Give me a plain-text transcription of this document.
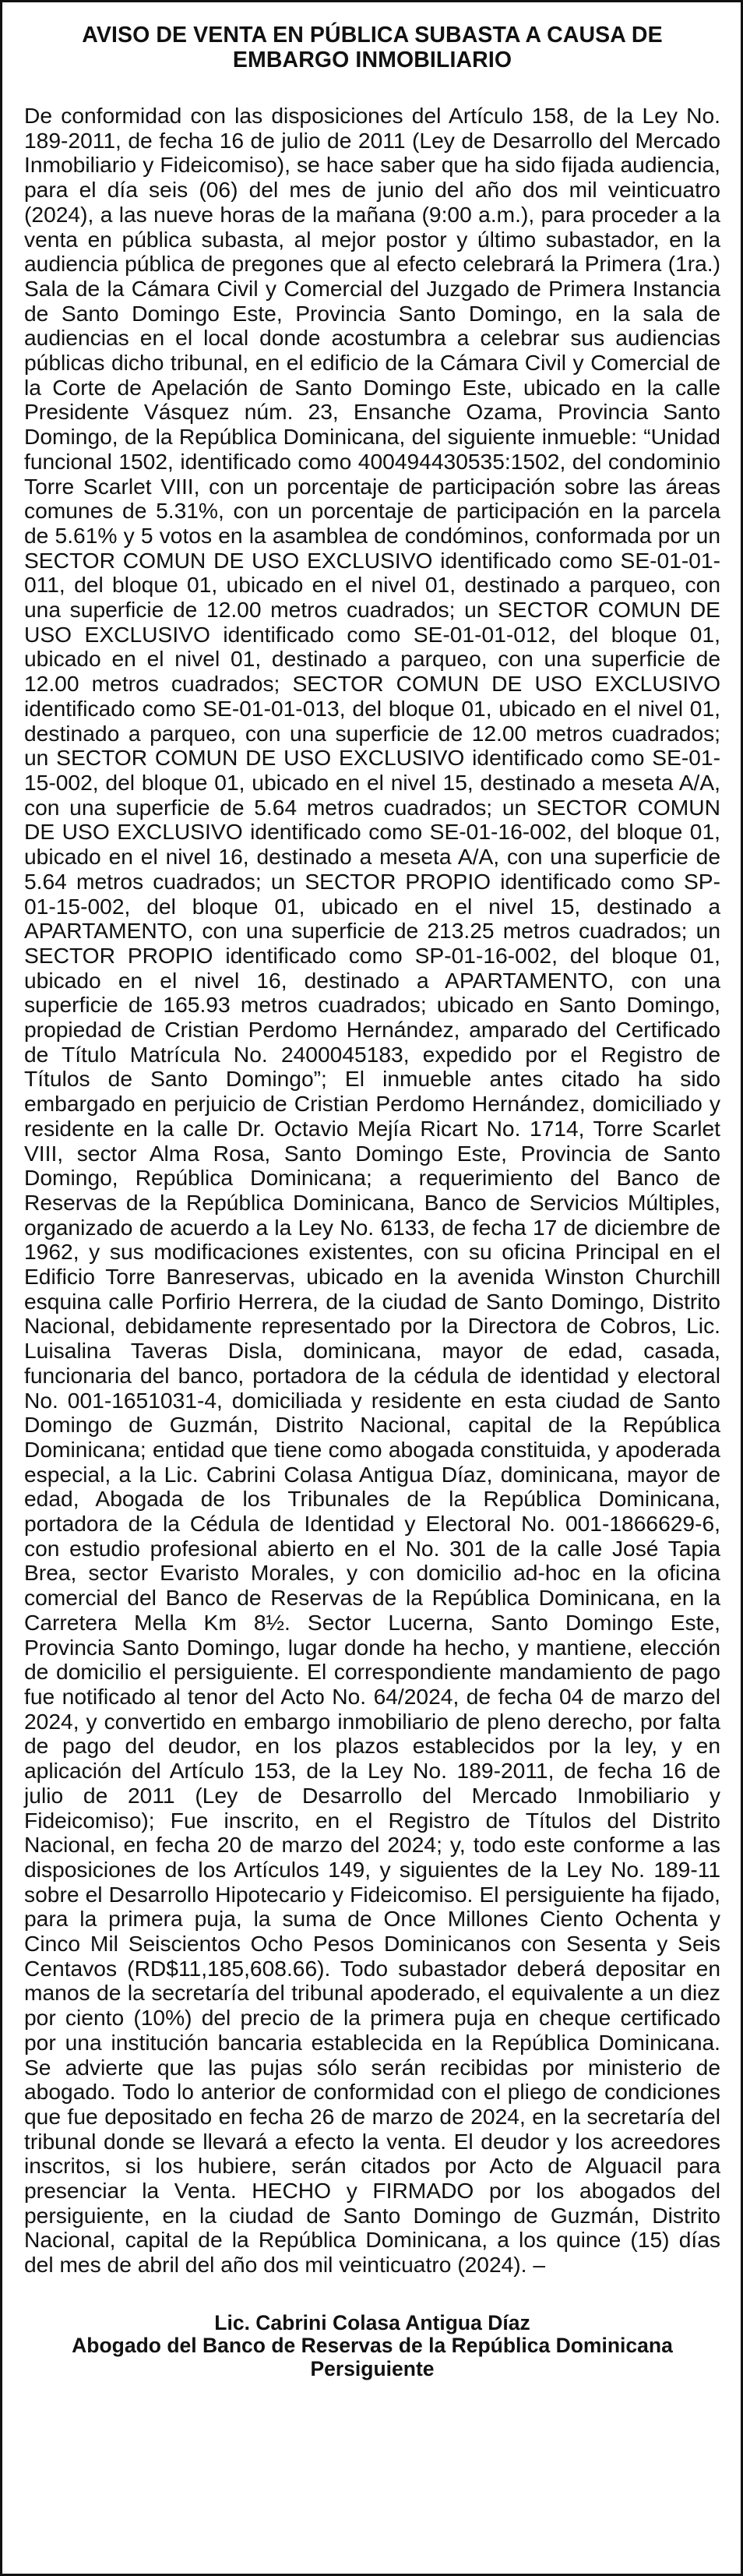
AVISO DE VENTA EN PÚBLICA SUBASTA A CAUSA DE
EMBARGO INMOBILIARIO

De conformidad con las disposiciones del Artículo 158, de la Ley No. 189-2011, de fecha 16 de julio de 2011 (Ley de Desarrollo del Mercado Inmobiliario y Fideicomiso), se hace saber que ha sido fijada audiencia, para el día seis (06) del mes de junio del año dos mil veinticuatro (2024), a las nueve horas de la mañana (9:00 a.m.), para proceder a la venta en pública subasta, al mejor postor y último subastador, en la audiencia pública de pregones que al efecto celebrará la Primera (1ra.) Sala de la Cámara Civil y Comercial del Juzgado de Primera Instancia de Santo Domingo Este, Provincia Santo Domingo, en la sala de audiencias en el local donde acostumbra a celebrar sus audiencias públicas dicho tribunal, en el edificio de la Cámara Civil y Comercial de la Corte de Apelación de Santo Domingo Este, ubicado en la calle Presidente Vásquez núm. 23, Ensanche Ozama, Provincia Santo Domingo, de la República Dominicana, del siguiente inmueble: “Unidad funcional 1502, identificado como 400494430535:1502, del condominio Torre Scarlet VIII, con un porcentaje de participación sobre las áreas comunes de 5.31%, con un porcentaje de participación en la parcela de 5.61% y 5 votos en la asamblea de condóminos, conformada por un SECTOR COMUN DE USO EXCLUSIVO identificado como SE-01-01-011, del bloque 01, ubicado en el nivel 01, destinado a parqueo, con una superficie de 12.00 metros cuadrados; un SECTOR COMUN DE USO EXCLUSIVO identificado como SE-01-01-012, del bloque 01, ubicado en el nivel 01, destinado a parqueo, con una superficie de 12.00 metros cuadrados; SECTOR COMUN DE USO EXCLUSIVO identificado como SE-01-01-013, del bloque 01, ubicado en el nivel 01, destinado a parqueo, con una superficie de 12.00 metros cuadrados; un SECTOR COMUN DE USO EXCLUSIVO identificado como SE-01-15-002, del bloque 01, ubicado en el nivel 15, destinado a meseta A/A, con una superficie de 5.64 metros cuadrados; un SECTOR COMUN DE USO EXCLUSIVO identificado como SE-01-16-002, del bloque 01, ubicado en el nivel 16, destinado a meseta A/A, con una superficie de 5.64 metros cuadrados; un SECTOR PROPIO identificado como SP-01-15-002, del bloque 01, ubicado en el nivel 15, destinado a APARTAMENTO, con una superficie de 213.25 metros cuadrados; un SECTOR PROPIO identificado como SP-01-16-002, del bloque 01, ubicado en el nivel 16, destinado a APARTAMENTO, con una superficie de 165.93 metros cuadrados; ubicado en Santo Domingo, propiedad de Cristian Perdomo Hernández, amparado del Certificado de Título Matrícula No. 2400045183, expedido por el Registro de Títulos de Santo Domingo”; El inmueble antes citado ha sido embargado en perjuicio de Cristian Perdomo Hernández, domiciliado y residente en la calle Dr. Octavio Mejía Ricart No. 1714, Torre Scarlet VIII, sector Alma Rosa, Santo Domingo Este, Provincia de Santo Domingo, República Dominicana; a requerimiento del Banco de Reservas de la República Dominicana, Banco de Servicios Múltiples, organizado de acuerdo a la Ley No. 6133, de fecha 17 de diciembre de 1962, y sus modificaciones existentes, con su oficina Principal en el Edificio Torre Banreservas, ubicado en la avenida Winston Churchill esquina calle Porfirio Herrera, de la ciudad de Santo Domingo, Distrito Nacional, debidamente representado por la Directora de Cobros, Lic. Luisalina Taveras Disla, dominicana, mayor de edad, casada, funcionaria del banco, portadora de la cédula de identidad y electoral No. 001-1651031-4, domiciliada y residente en esta ciudad de Santo Domingo de Guzmán, Distrito Nacional, capital de la República Dominicana; entidad que tiene como abogada constituida, y apoderada especial, a la Lic. Cabrini Colasa Antigua Díaz, dominicana, mayor de edad, Abogada de los Tribunales de la República Dominicana, portadora de la Cédula de Identidad y Electoral No. 001-1866629-6, con estudio profesional abierto en el No. 301 de la calle José Tapia Brea, sector Evaristo Morales, y con domicilio ad-hoc en la oficina comercial del Banco de Reservas de la República Dominicana, en la Carretera Mella Km 8½. Sector Lucerna, Santo Domingo Este, Provincia Santo Domingo, lugar donde ha hecho, y mantiene, elección de domicilio el persiguiente. El correspondiente mandamiento de pago fue notificado al tenor del Acto No. 64/2024, de fecha 04 de marzo del 2024, y convertido en embargo inmobiliario de pleno derecho, por falta de pago del deudor, en los plazos establecidos por la ley, y en aplicación del Artículo 153, de la Ley No. 189-2011, de fecha 16 de julio de 2011 (Ley de Desarrollo del Mercado Inmobiliario y Fideicomiso); Fue inscrito, en el Registro de Títulos del Distrito Nacional, en fecha 20 de marzo del 2024; y, todo este conforme a las disposiciones de los Artículos 149, y siguientes de la Ley No. 189-11 sobre el Desarrollo Hipotecario y Fideicomiso. El persiguiente ha fijado, para la primera puja, la suma de Once Millones Ciento Ochenta y Cinco Mil Seiscientos Ocho Pesos Dominicanos con Sesenta y Seis Centavos (RD$11,185,608.66). Todo subastador deberá depositar en manos de la secretaría del tribunal apoderado, el equivalente a un diez por ciento (10%) del precio de la primera puja en cheque certificado por una institución bancaria establecida en la República Dominicana. Se advierte que las pujas sólo serán recibidas por ministerio de abogado. Todo lo anterior de conformidad con el pliego de condiciones que fue depositado en fecha 26 de marzo de 2024, en la secretaría del tribunal donde se llevará a efecto la venta. El deudor y los acreedores inscritos, si los hubiere, serán citados por Acto de Alguacil para presenciar la Venta. HECHO y FIRMADO por los abogados del persiguiente, en la ciudad de Santo Domingo de Guzmán, Distrito Nacional, capital de la República Dominicana, a los quince (15) días del mes de abril del año dos mil veinticuatro (2024). –

Lic. Cabrini Colasa Antigua Díaz
Abogado del Banco de Reservas de la República Dominicana
Persiguiente
